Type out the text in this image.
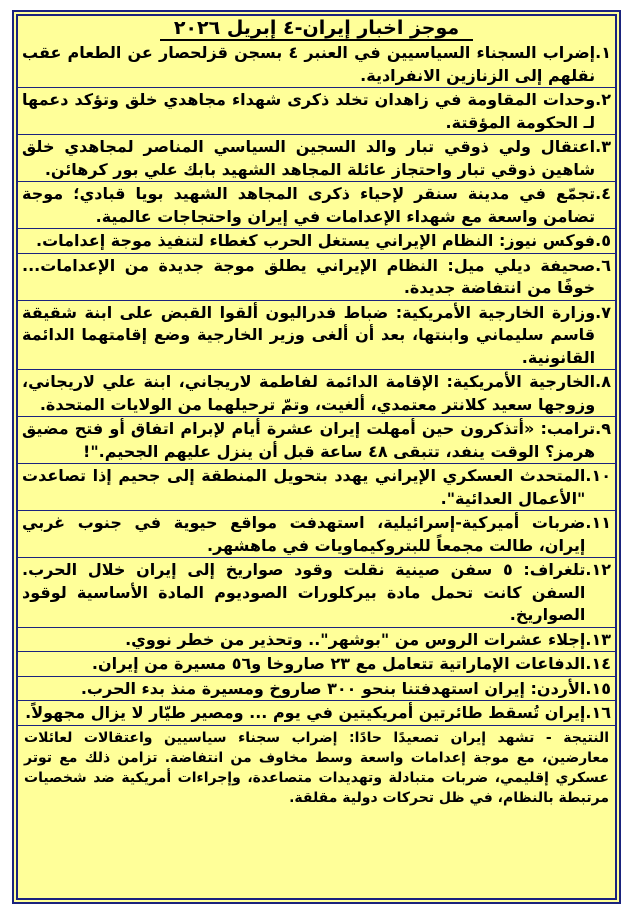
موجز اخبار إيران-٤ إبريل ٢٠٢٦
١.
إضراب السجناء السياسيين في العنبر ٤ بسجن قزلحصار عن الطعام عقب نقلهم إلى الزنازين الانفرادية.
٢.
وحدات المقاومة في زاهدان تخلد ذكرى شهداء مجاهدي خلق وتؤكد دعمها لـ الحكومة المؤقتة.
٣.
اعتقال ولي ذوقي تبار والد السجين السياسي المناصر لمجاهدي خلق شاهين ذوقي تبار واحتجاز عائلة المجاهد الشهيد بابك علي بور كرهائن.
٤.
تجمّع في مدينة سنقر لإحياء ذكرى المجاهد الشهيد بويا قبادي؛ موجة تضامن واسعة مع شهداء الإعدامات في إيران واحتجاجات عالمية.
٥.
فوكس نيوز: النظام الإيراني يستغل الحرب كغطاء لتنفيذ موجة إعدامات.
٦.
صحيفة ديلي ميل: النظام الإيراني يطلق موجة جديدة من الإعدامات... خوفًا من انتفاضة جديدة.
٧.
وزارة الخارجية الأمريكية: ضباط فدراليون ألقوا القبض على ابنة شقيقة قاسم سليماني وابنتها، بعد أن ألغى وزير الخارجية وضع إقامتهما الدائمة القانونية.
٨.
الخارجية الأمريكية: الإقامة الدائمة لفاطمة لاريجاني، ابنة علي لاريجاني، وزوجها سعيد كلانتر معتمدي، ألغيت، وتمّ ترحيلهما من الولايات المتحدة.
٩.
ترامب: «أتذكرون حين أمهلت إيران عشرة أيام لإبرام اتفاق أو فتح مضيق هرمز؟ الوقت ينفد، تتبقى ٤٨ ساعة قبل أن ينزل عليهم الجحيم."!
١٠.
المتحدث العسكري الإيراني يهدد بتحويل المنطقة إلى جحيم إذا تصاعدت "الأعمال العدائية".
١١.
ضربات أميركية-إسرائيلية، استهدفت مواقع حيوية في جنوب غربي إيران، طالت مجمعاً للبتروكيماويات في ماهشهر.
١٢.
تلغراف: ٥ سفن صينية نقلت وقود صواريخ إلى إيران خلال الحرب. السفن كانت تحمل مادة بيركلورات الصوديوم المادة الأساسية لوقود الصواريخ.
١٣.
إجلاء عشرات الروس من "بوشهر".. وتحذير من خطر نووي.
١٤.
الدفاعات الإماراتية تتعامل مع ٢٣ صاروخا و٥٦ مسيرة من إيران.
١٥.
الأردن: إيران استهدفتنا بنحو ٣٠٠ صاروخ ومسيرة منذ بدء الحرب.
١٦.
إيران تُسقط طائرتين أمريكيتين في يوم ... ومصير طيّار لا يزال مجهولاً.
النتيجة - تشهد إيران تصعيدًا حادًا: إضراب سجناء سياسيين واعتقالات لعائلات معارضين، مع موجة إعدامات واسعة وسط مخاوف من انتفاضة. تزامن ذلك مع توتر عسكري إقليمي، ضربات متبادلة وتهديدات متصاعدة، وإجراءات أمريكية ضد شخصيات مرتبطة بالنظام، في ظل تحركات دولية مقلقة.
